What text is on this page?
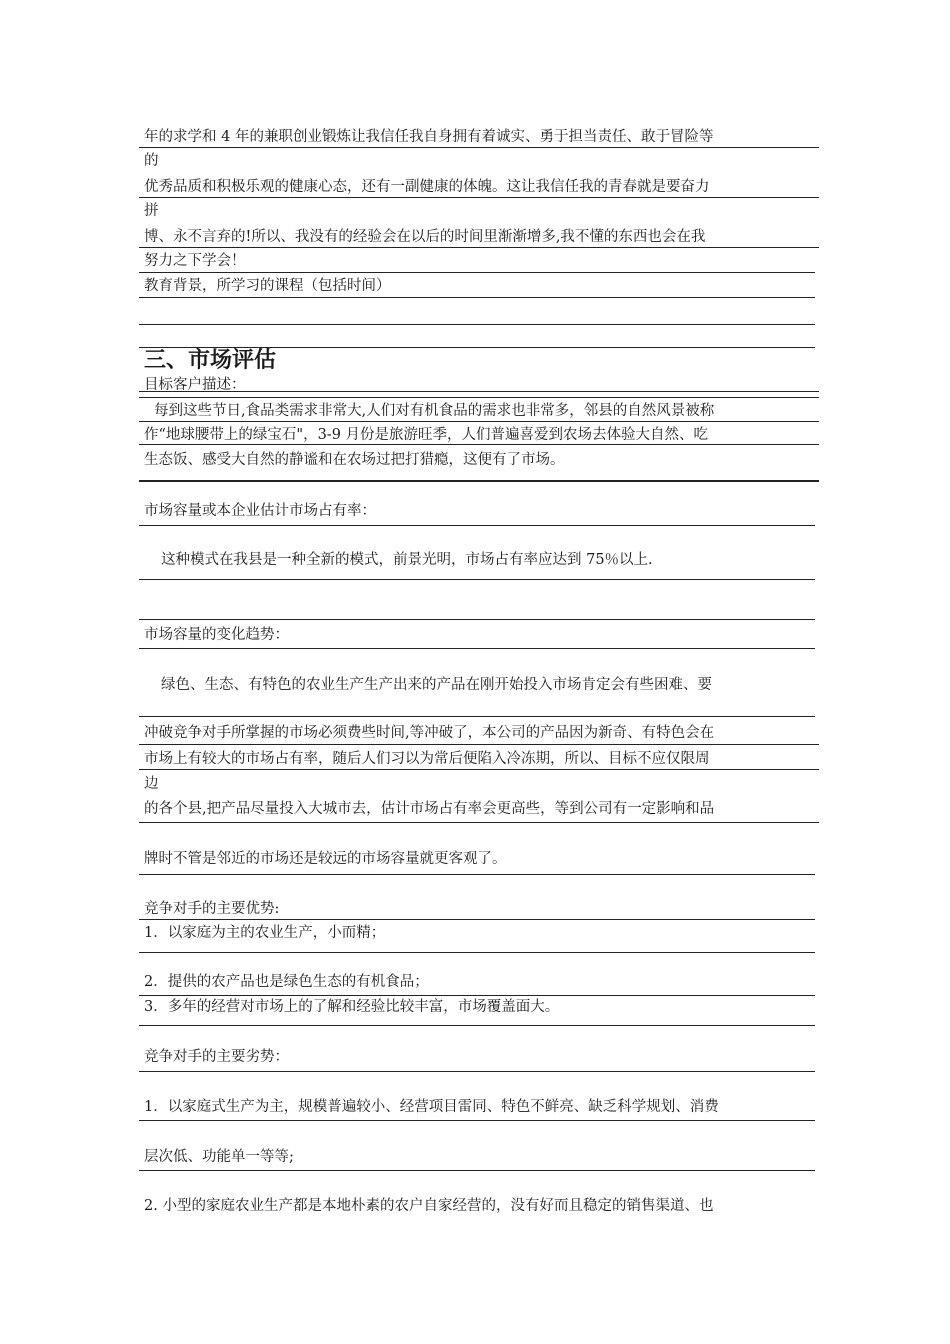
年的求学和 4 年的兼职创业锻炼让我信任我自身拥有着诚实、勇于担当责任、敢于冒险等
的
优秀品质和积极乐观的健康心态，还有一副健康的体魄。这让我信任我的青春就是要奋力
拼
博、永不言弃的!所以、我没有的经验会在以后的时间里渐渐增多,我不懂的东西也会在我
努力之下学会！
教育背景，所学习的课程（包括时间）
三、市场评估
目标客户描述：
每到这些节日,食品类需求非常大,人们对有机食品的需求也非常多，邻县的自然风景被称
作“地球腰带上的绿宝石"，3-9 月份是旅游旺季，人们普遍喜爱到农场去体验大自然、吃
生态饭、感受大自然的静谧和在农场过把打猎瘾，这便有了市场。
市场容量或本企业估计市场占有率：
这种模式在我县是一种全新的模式，前景光明，市场占有率应达到 75％以上.
市场容量的变化趋势：
绿色、生态、有特色的农业生产生产出来的产品在刚开始投入市场肯定会有些困难、要
冲破竞争对手所掌握的市场必须费些时间,等冲破了，本公司的产品因为新奇、有特色会在
市场上有较大的市场占有率，随后人们习以为常后便陷入冷冻期，所以、目标不应仅限周
边
的各个县,把产品尽量投入大城市去，估计市场占有率会更高些，等到公司有一定影响和品
牌时不管是邻近的市场还是较远的市场容量就更客观了。
竞争对手的主要优势:
1．以家庭为主的农业生产，小而精；
2．提供的农产品也是绿色生态的有机食品；
3．多年的经营对市场上的了解和经验比较丰富，市场覆盖面大。
竞争对手的主要劣势：
1．以家庭式生产为主，规模普遍较小、经营项目雷同、特色不鲜亮、缺乏科学规划、消费
层次低、功能单一等等;
2. 小型的家庭农业生产都是本地朴素的农户自家经营的，没有好而且稳定的销售渠道、也
